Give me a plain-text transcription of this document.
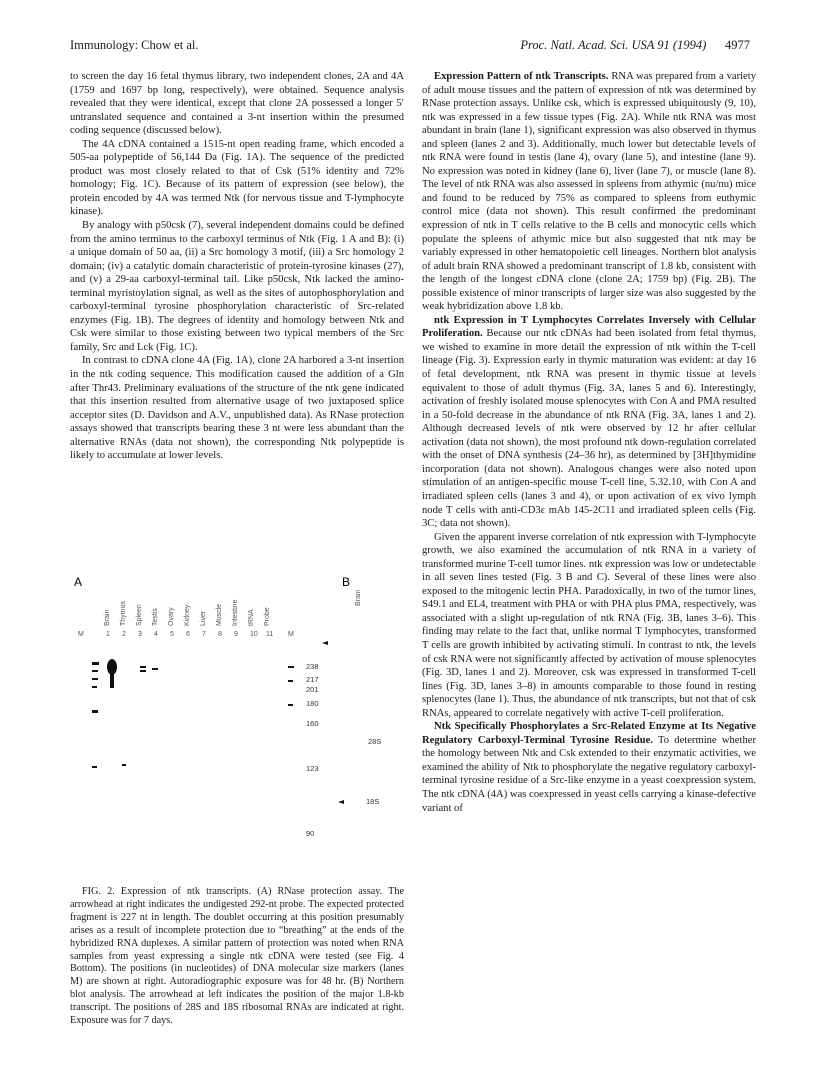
Immunology: Chow et al.	Proc. Natl. Acad. Sci. USA 91 (1994) 4977

to screen the day 16 fetal thymus library, two independent clones, 2A and 4A (1759 and 1697 bp long, respectively), were obtained. Sequence analysis revealed that they were identical, except that clone 2A possessed a longer 5′ untranslated sequence and contained a 3-nt insertion within the presumed coding sequence (discussed below).

The 4A cDNA contained a 1515-nt open reading frame, which encoded a 505-aa polypeptide of 56,144 Da (Fig. 1A). The sequence of the predicted product was most closely related to that of Csk (51% identity and 72% homology; Fig. 1C). Because of its pattern of expression (see below), the protein encoded by 4A was termed Ntk (for nervous tissue and T-lymphocyte kinase).

By analogy with p50csk (7), several independent domains could be defined from the amino terminus to the carboxyl terminus of Ntk (Fig. 1 A and B): (i) a unique domain of 50 aa, (ii) a Src homology 3 motif, (iii) a Src homology 2 domain; (iv) a catalytic domain characteristic of protein-tyrosine kinases (27), and (v) a 29-aa carboxyl-terminal tail. Like p50csk, Ntk lacked the amino-terminal myristoylation signal, as well as the sites of autophosphorylation and carboxyl-terminal tyrosine phosphorylation characteristic of Src-related enzymes (Fig. 1B). The degrees of identity and homology between Ntk and Csk were similar to those existing between two typical members of the Src family, Src and Lck (Fig. 1C).

In contrast to cDNA clone 4A (Fig. 1A), clone 2A harbored a 3-nt insertion in the ntk coding sequence. This modification caused the addition of a Gln after Thr43. Preliminary evaluations of the structure of the ntk gene indicated that this insertion resulted from alternative usage of two juxtaposed splice acceptor sites (D. Davidson and A.V., unpublished data). As RNase protection assays showed that transcripts bearing these 3 nt were less abundant than the alternative RNAs (data not shown), the corresponding Ntk polypeptide is likely to accumulate at lower levels.

A	B
M
Brain
1
Thymus
2
Spleen
3
Testis
4
Ovary
5
Kidney
6
Liver
7
Muscle
8
Intestine
9
tRNA
10
Probe
11 M
Brain
238
217
201
180
160
123
90
28S
18S

FIG. 2. Expression of ntk transcripts. (A) RNase protection assay. The arrowhead at right indicates the undigested 292-nt probe. The expected protected fragment is 227 nt in length. The doublet occurring at this position presumably arises as a result of incomplete protection due to “breathing” at the ends of the hybridized RNA duplexes. A similar pattern of protection was noted when RNA samples from yeast expressing a single ntk cDNA were tested (see Fig. 4 Bottom). The positions (in nucleotides) of DNA molecular size markers (lanes M) are shown at right. Autoradiographic exposure was for 48 hr. (B) Northern blot analysis. The arrowhead at left indicates the position of the major 1.8-kb transcript. The positions of 28S and 18S ribosomal RNAs are indicated at right. Exposure was for 7 days.

Expression Pattern of ntk Transcripts. RNA was prepared from a variety of adult mouse tissues and the pattern of expression of ntk was determined by RNase protection assays. Unlike csk, which is expressed ubiquitously (9, 10), ntk was expressed in a few tissue types (Fig. 2A). While ntk RNA was most abundant in brain (lane 1), significant expression was also observed in thymus and spleen (lanes 2 and 3). Additionally, much lower but detectable levels of ntk RNA were found in testis (lane 4), ovary (lane 5), and intestine (lane 9). No expression was noted in kidney (lane 6), liver (lane 7), or muscle (lane 8). The level of ntk RNA was also assessed in spleens from athymic (nu/nu) mice and found to be reduced by 75% as compared to spleens from euthymic control mice (data not shown). This result confirmed the predominant expression of ntk in T cells relative to the B cells and monocytic cells which populate the spleens of athymic mice but also suggested that ntk may be variably expressed in other hematopoietic cell lineages. Northern blot analysis of adult brain RNA showed a predominant transcript of 1.8 kb, consistent with the length of the longest cDNA clone (clone 2A; 1759 bp) (Fig. 2B). The possible existence of minor transcripts of larger size was also suggested by the weak hybridization above 1.8 kb.

ntk Expression in T Lymphocytes Correlates Inversely with Cellular Proliferation. Because our ntk cDNAs had been isolated from fetal thymus, we wished to examine in more detail the expression of ntk within the T-cell lineage (Fig. 3). Expression early in thymic maturation was evident: at day 16 of fetal development, ntk RNA was present in thymic tissue at levels equivalent to those of adult thymus (Fig. 3A, lanes 5 and 6). Interestingly, activation of freshly isolated mouse splenocytes with Con A and PMA resulted in a 50-fold decrease in the abundance of ntk RNA (Fig. 3A, lanes 1 and 2). Although decreased levels of ntk were observed by 12 hr after cellular activation (data not shown), the most profound ntk down-regulation correlated with the onset of DNA synthesis (24–36 hr), as determined by [3H]thymidine incorporation (data not shown). Analogous changes were also noted upon stimulation of an antigen-specific mouse T-cell line, 5.32.10, with Con A and irradiated spleen cells (lanes 3 and 4), or upon activation of ex vivo lymph node T cells with anti-CD3ε mAb 145-2C11 and irradiated spleen cells (Fig. 3C; data not shown).

Given the apparent inverse correlation of ntk expression with T-lymphocyte growth, we also examined the accumulation of ntk RNA in a variety of transformed murine T-cell tumor lines. ntk expression was low or undetectable in all seven lines tested (Fig. 3 B and C). Several of these lines were also exposed to the mitogenic lectin PHA. Paradoxically, in two of the tumor lines, S49.1 and EL4, treatment with PHA or with PHA plus PMA, respectively, was associated with a slight up-regulation of ntk RNA (Fig. 3B, lanes 3–6). This finding may relate to the fact that, unlike normal T lymphocytes, transformed T cells are growth inhibited by activating stimuli. In contrast to ntk, the levels of csk RNA were not significantly affected by activation of mouse splenocytes (Fig. 3D, lanes 1 and 2). Moreover, csk was expressed in transformed T-cell lines (Fig. 3D, lanes 3–8) in amounts comparable to those found in resting splenocytes (lane 1). Thus, the abundance of ntk transcripts, but not that of csk RNAs, appeared to correlate negatively with active T-cell proliferation.

Ntk Specifically Phosphorylates a Src-Related Enzyme at Its Negative Regulatory Carboxyl-Terminal Tyrosine Residue. To determine whether the homology between Ntk and Csk extended to their enzymatic activities, we examined the ability of Ntk to phosphorylate the negative regulatory carboxyl-terminal tyrosine residue of a Src-like enzyme in a yeast coexpression system. The ntk cDNA (4A) was coexpressed in yeast cells carrying a kinase-defective variant of
